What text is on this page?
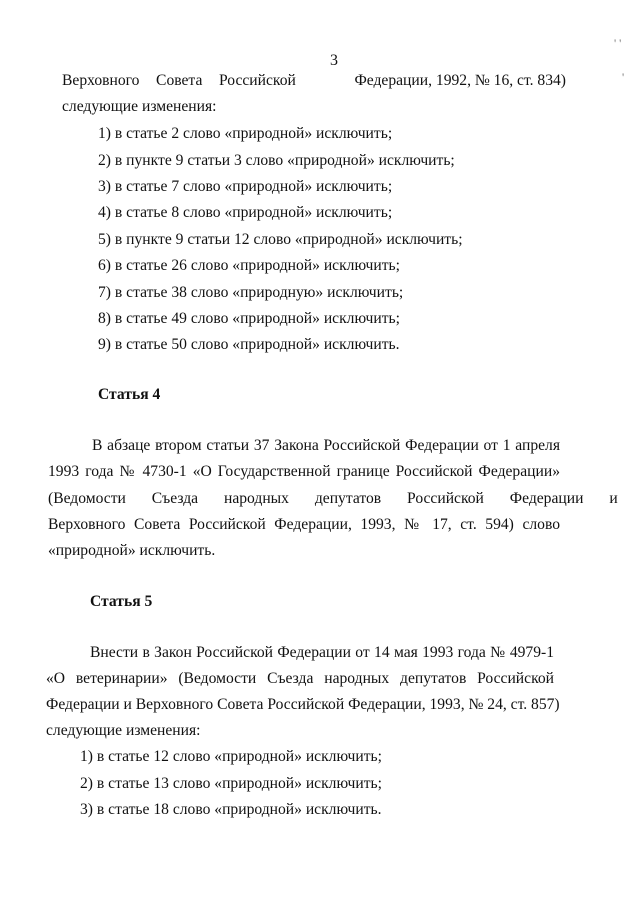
' '
'
3
Верховного Совета Российской	Федерации, 1992, № 16, ст. 834)
следующие изменения:
1) в статье 2 слово «природной» исключить;
2) в пункте 9 статьи 3 слово «природной» исключить;
3) в статье 7 слово «природной» исключить;
4) в статье 8 слово «природной» исключить;
5) в пункте 9 статьи 12 слово «природной» исключить;
6) в статье 26 слово «природной» исключить;
7) в статье 38 слово «природную» исключить;
8) в статье 49 слово «природной» исключить;
9) в статье 50 слово «природной» исключить.
Статья 4
В абзаце втором статьи 37 Закона Российской Федерации от 1 апреля
1993 года № 4730-1 «О Государственной границе Российской Федерации»
(Ведомости Съезда народных депутатов Российской Федерации и
Верховного Совета Российской Федерации, 1993, № 17, ст. 594) слово
«природной» исключить.
Статья 5
Внести в Закон Российской Федерации от 14 мая 1993 года № 4979-1
«О ветеринарии» (Ведомости Съезда народных депутатов Российской
Федерации и Верховного Совета Российской Федерации, 1993, № 24, ст. 857)
следующие изменения:
1) в статье 12 слово «природной» исключить;
2) в статье 13 слово «природной» исключить;
3) в статье 18 слово «природной» исключить.
